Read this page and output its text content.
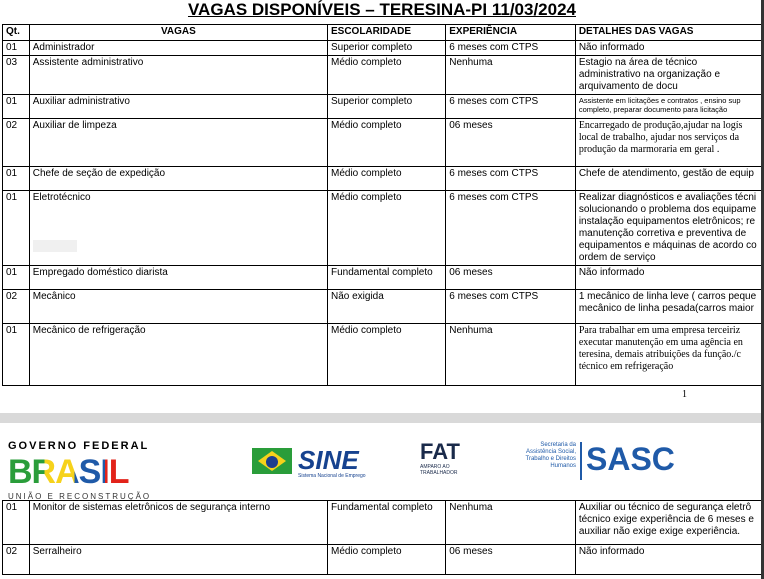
VAGAS DISPONÍVEIS – TERESINA-PI 11/03/2024
Qt.	VAGAS	ESCOLARIDADE	EXPERIÊNCIA	DETALHES DAS VAGAS
01	Administrador	Superior completo	6 meses com CTPS	Não informado
03	Assistente administrativo	Médio completo	Nenhuma	Estagio na área de técnico administrativo na organização e arquivamento de docu
01	Auxiliar administrativo	Superior completo	6 meses com CTPS	Assistente em licitações e contratos , ensino sup completo, preparar documento para licitação
02	Auxiliar de limpeza	Médio completo	06 meses	Encarregado de produção,ajudar na logís local de trabalho, ajudar nos serviços da produção da marmoraria em geral .
01	Chefe de seção de expedição	Médio completo	6 meses com CTPS	Chefe de atendimento, gestão de equip
01	Eletrotécnico	Médio completo	6 meses com CTPS	Realizar diagnósticos e avaliações técni solucionando o problema dos equipame instalação equipamentos eletrônicos; re manutenção corretiva e preventiva de equipamentos e máquinas de acordo co ordem de serviço
01	Empregado doméstico diarista	Fundamental completo	06 meses	Não informado
02	Mecânico	Não exigida	6 meses com CTPS	1 mecânico de linha leve ( carros peque mecânico de linha pesada(carros maior
01	Mecânico de refrigeração	Médio completo	Nenhuma	Para trabalhar em uma empresa terceiriz executar manutenção em uma agência en teresina, demais atribuições da função./c técnico em refrigeração
1
GOVERNO FEDERAL
BRASIL
UNIÃO E RECONSTRUÇÃO
SINE
Sistema Nacional de Emprego
FAT
AMPARO AO TRABALHADOR
Secretaria da Assistência Social, Trabalho e Direitos Humanos SASC
01	Monitor de sistemas eletrônicos de segurança interno	Fundamental completo	Nenhuma	Auxiliar ou técnico de segurança eletrô técnico exige experiência de 6 meses e auxiliar não exige exige experiência.
02	Serralheiro	Médio completo	06 meses	Não informado
